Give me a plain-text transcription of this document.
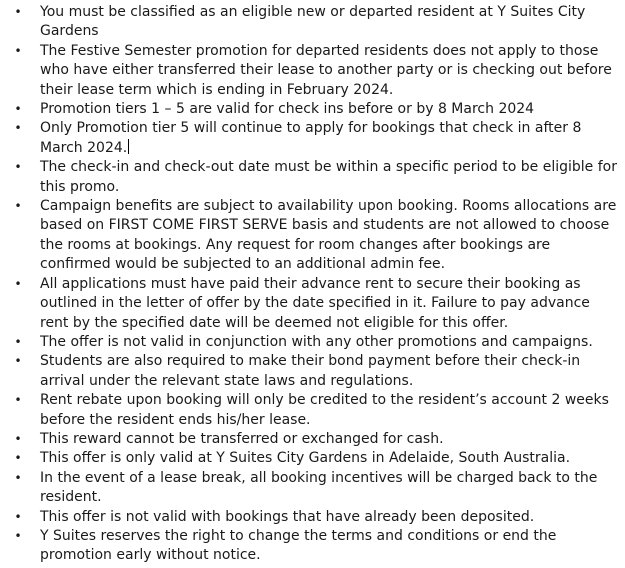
• You must be classified as an eligible new or departed resident at Y Suites City Gardens
• The Festive Semester promotion for departed residents does not apply to those who have either transferred their lease to another party or is checking out before their lease term which is ending in February 2024.
• Promotion tiers 1 – 5 are valid for check ins before or by 8 March 2024
• Only Promotion tier 5 will continue to apply for bookings that check in after 8 March 2024.
• The check-in and check-out date must be within a specific period to be eligible for this promo.
• Campaign benefits are subject to availability upon booking. Rooms allocations are based on FIRST COME FIRST SERVE basis and students are not allowed to choose the rooms at bookings. Any request for room changes after bookings are confirmed would be subjected to an additional admin fee.
• All applications must have paid their advance rent to secure their booking as outlined in the letter of offer by the date specified in it. Failure to pay advance rent by the specified date will be deemed not eligible for this offer.
• The offer is not valid in conjunction with any other promotions and campaigns.
• Students are also required to make their bond payment before their check-in arrival under the relevant state laws and regulations.
• Rent rebate upon booking will only be credited to the resident’s account 2 weeks before the resident ends his/her lease.
• This reward cannot be transferred or exchanged for cash.
• This offer is only valid at Y Suites City Gardens in Adelaide, South Australia.
• In the event of a lease break, all booking incentives will be charged back to the resident.
• This offer is not valid with bookings that have already been deposited.
• Y Suites reserves the right to change the terms and conditions or end the promotion early without notice.
